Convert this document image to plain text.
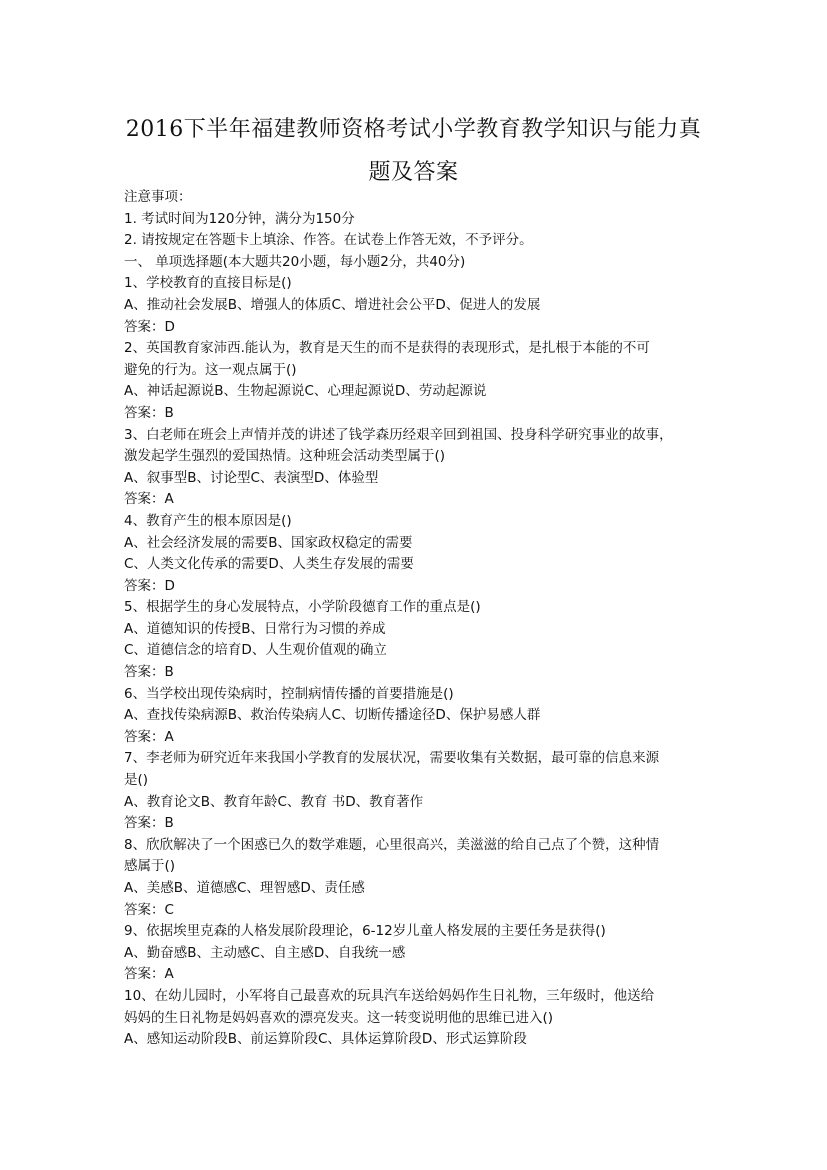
2016下半年福建教师资格考试小学教育教学知识与能力真
题及答案
注意事项：
1. 考试时间为120分钟，满分为150分
2. 请按规定在答题卡上填涂、作答。在试卷上作答无效，不予评分。
一、 单项选择题(本大题共20小题，每小题2分，共40分)
1、学校教育的直接目标是()
A、推动社会发展B、增强人的体质C、增进社会公平D、促进人的发展
答案：D
2、英国教育家沛西.能认为，教育是天生的而不是获得的表现形式，是扎根于本能的不可
避免的行为。这一观点属于()
A、神话起源说B、生物起源说C、心理起源说D、劳动起源说
答案：B
3、白老师在班会上声情并茂的讲述了钱学森历经艰辛回到祖国、投身科学研究事业的故事，
激发起学生强烈的爱国热情。这种班会活动类型属于()
A、叙事型B、讨论型C、表演型D、体验型
答案：A
4、教育产生的根本原因是()
A、社会经济发展的需要B、国家政权稳定的需要
C、人类文化传承的需要D、人类生存发展的需要
答案：D
5、根据学生的身心发展特点，小学阶段德育工作的重点是()
A、道德知识的传授B、日常行为习惯的养成
C、道德信念的培育D、人生观价值观的确立
答案：B
6、当学校出现传染病时，控制病情传播的首要措施是()
A、查找传染病源B、救治传染病人C、切断传播途径D、保护易感人群
答案：A
7、李老师为研究近年来我国小学教育的发展状况，需要收集有关数据，最可靠的信息来源
是()
A、教育论文B、教育年龄C、教育 书D、教育著作
答案：B
8、欣欣解决了一个困惑已久的数学难题，心里很高兴，美滋滋的给自己点了个赞，这种情
感属于()
A、美感B、道德感C、理智感D、责任感
答案：C
9、依据埃里克森的人格发展阶段理论，6-12岁儿童人格发展的主要任务是获得()
A、勤奋感B、主动感C、自主感D、自我统一感
答案：A
10、在幼儿园时，小军将自己最喜欢的玩具汽车送给妈妈作生日礼物，三年级时，他送给
妈妈的生日礼物是妈妈喜欢的漂亮发夹。这一转变说明他的思维已进入()
A、感知运动阶段B、前运算阶段C、具体运算阶段D、形式运算阶段
